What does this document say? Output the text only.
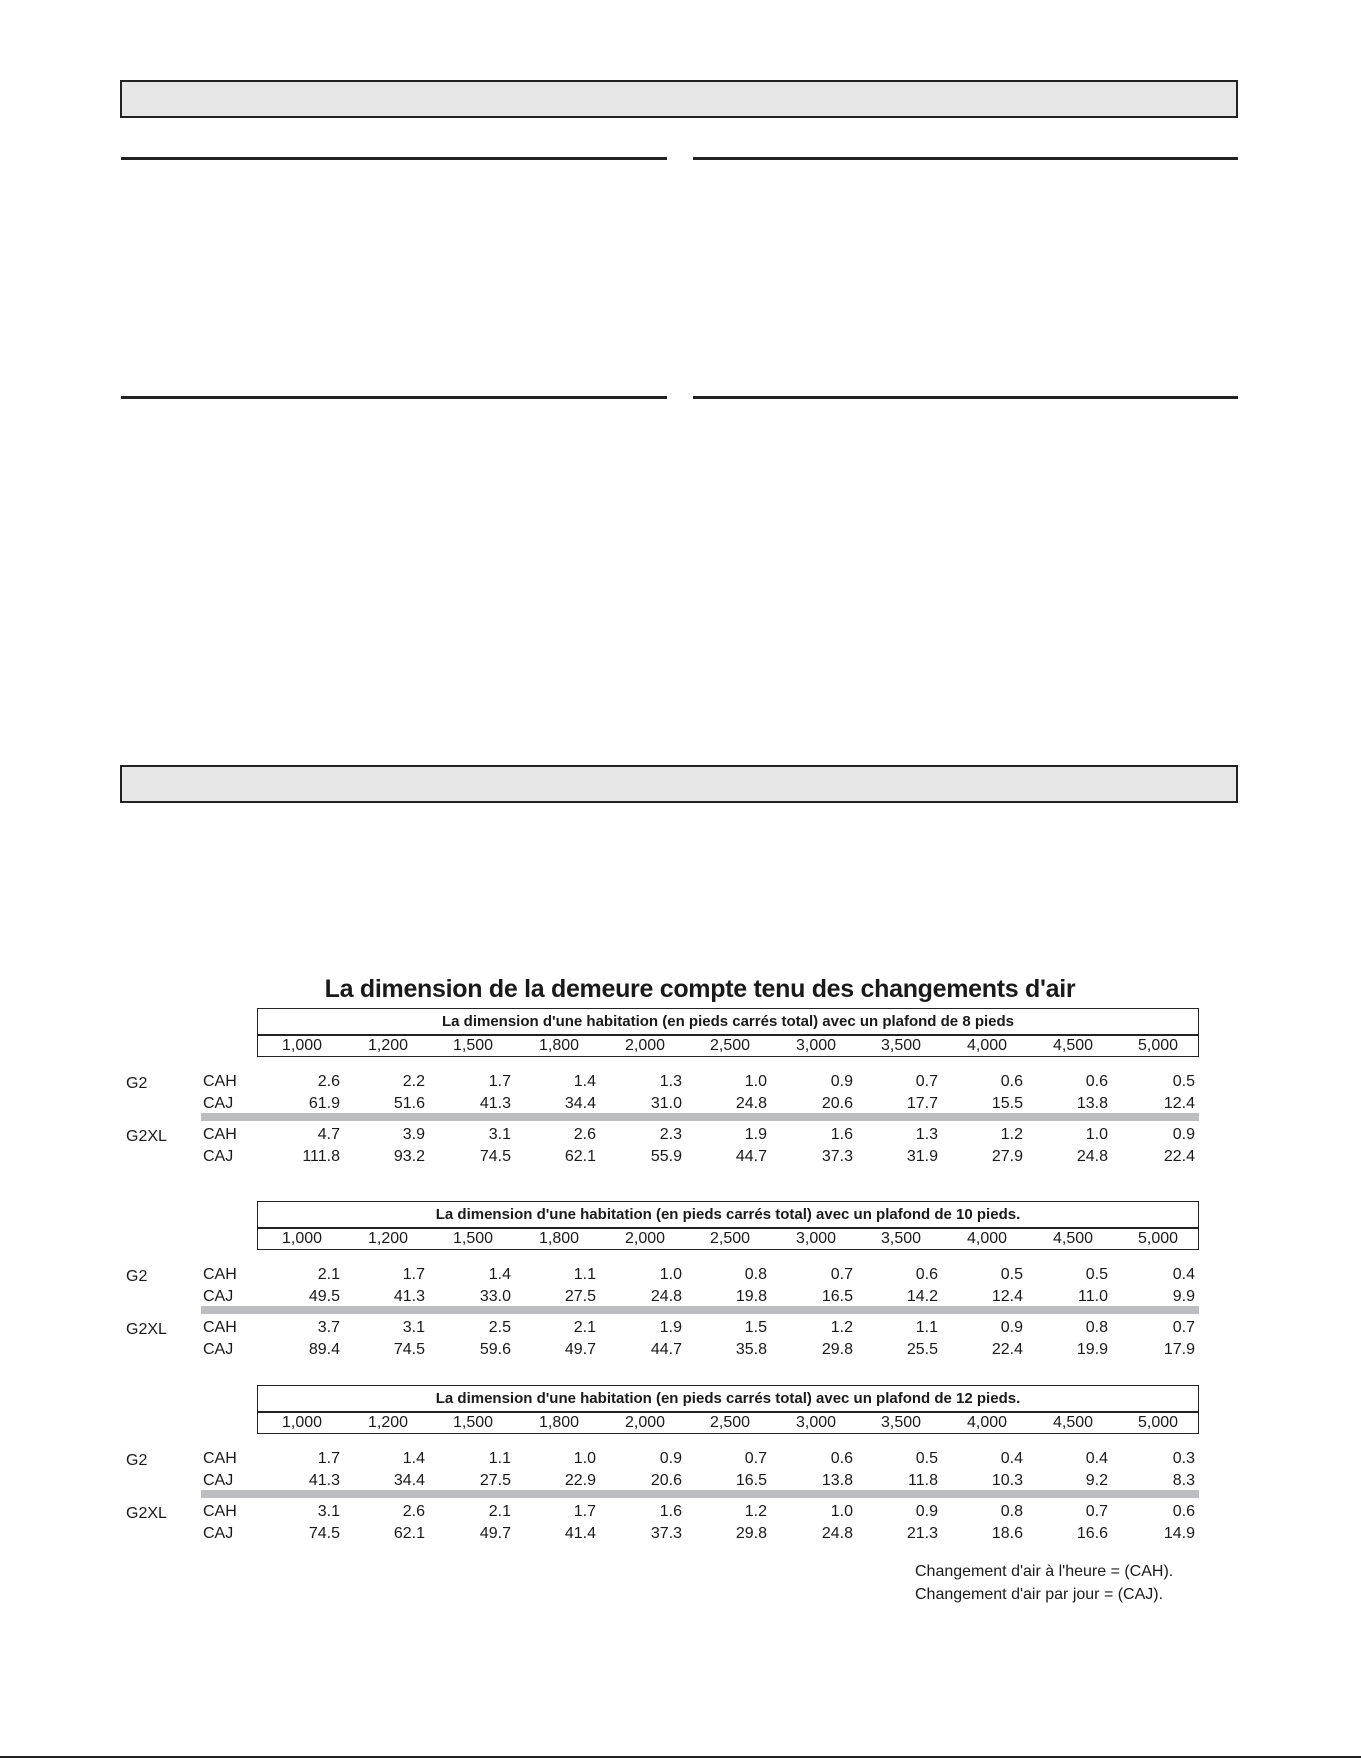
La dimension de la demeure compte tenu des changements d'air
La dimension d'une habitation (en pieds carrés total) avec un plafond de 8 pieds
1,000	1,200	1,500	1,800	2,000	2,500	3,000	3,500	4,000	4,500	5,000
G2	CAH	2.6	2.2	1.7	1.4	1.3	1.0	0.9	0.7	0.6	0.6	0.5
CAJ	61.9	51.6	41.3	34.4	31.0	24.8	20.6	17.7	15.5	13.8	12.4
G2XL CAH	4.7	3.9	3.1	2.6	2.3	1.9	1.6	1.3	1.2	1.0	0.9
CAJ	111.8	93.2	74.5	62.1	55.9	44.7	37.3	31.9	27.9	24.8	22.4
La dimension d'une habitation (en pieds carrés total) avec un plafond de 10 pieds.
1,000	1,200	1,500	1,800	2,000	2,500	3,000	3,500	4,000	4,500	5,000
G2	CAH	2.1	1.7	1.4	1.1	1.0	0.8	0.7	0.6	0.5	0.5	0.4
CAJ	49.5	41.3	33.0	27.5	24.8	19.8	16.5	14.2	12.4	11.0	9.9
G2XL CAH	3.7	3.1	2.5	2.1	1.9	1.5	1.2	1.1	0.9	0.8	0.7
CAJ	89.4	74.5	59.6	49.7	44.7	35.8	29.8	25.5	22.4	19.9	17.9
La dimension d'une habitation (en pieds carrés total) avec un plafond de 12 pieds.
1,000	1,200	1,500	1,800	2,000	2,500	3,000	3,500	4,000	4,500	5,000
G2	CAH	1.7	1.4	1.1	1.0	0.9	0.7	0.6	0.5	0.4	0.4	0.3
CAJ	41.3	34.4	27.5	22.9	20.6	16.5	13.8	11.8	10.3	9.2	8.3
G2XL CAH	3.1	2.6	2.1	1.7	1.6	1.2	1.0	0.9	0.8	0.7	0.6
CAJ	74.5	62.1	49.7	41.4	37.3	29.8	24.8	21.3	18.6	16.6	14.9
Changement d'air à l'heure = (CAH).
Changement d'air par jour = (CAJ).
